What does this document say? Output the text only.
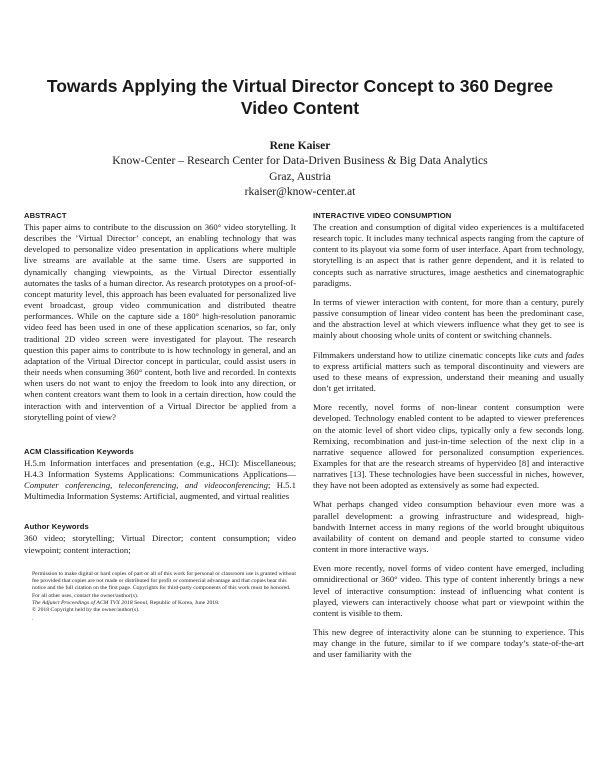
Towards Applying the Virtual Director Concept to 360 Degree Video Content
Rene Kaiser
Know-Center – Research Center for Data-Driven Business & Big Data Analytics
Graz, Austria
rkaiser@know-center.at
ABSTRACT

This paper aims to contribute to the discussion on 360° video storytelling. It describes the ’Virtual Director’ concept, an enabling technology that was developed to personalize video presentation in applications where multiple live streams are available at the same time. Users are supported in dynamically changing viewpoints, as the Virtual Director essentially automates the tasks of a human director. As research prototypes on a proof-of-concept maturity level, this approach has been evaluated for personalized live event broadcast, group video communication and distributed theatre performances. While on the capture side a 180° high-resolution panoramic video feed has been used in one of these application scenarios, so far, only traditional 2D video screen were investigated for playout. The research question this paper aims to contribute to is how technology in general, and an adaptation of the Virtual Director concept in particular, could assist users in their needs when consuming 360° content, both live and recorded. In contexts when users do not want to enjoy the freedom to look into any direction, or when content creators want them to look in a certain direction, how could the interaction with and intervention of a Virtual Director be applied from a storytelling point of view?

ACM Classification Keywords

H.5.m Information interfaces and presentation (e.g., HCI): Miscellaneous; H.4.3 Information Systems Applications: Communications Applications—Computer conferencing, teleconferencing, and videoconferencing; H.5.1 Multimedia Information Systems: Artificial, augmented, and virtual realities

Author Keywords

360 video; storytelling; Virtual Director; content consumption; video viewpoint; content interaction;

Permission to make digital or hard copies of part or all of this work for personal or classroom use is granted without fee provided that copies are not made or distributed for profit or commercial advantage and that copies bear this notice and the full citation on the first page. Copyrights for third-party components of this work must be honored. For all other uses, contact the owner/author(s).
The Adjunct Proceedings of ACM TVX 2018 Seoul, Republic of Korea, June 2018.
© 2018 Copyright held by the owner/author(s).
.
INTERACTIVE VIDEO CONSUMPTION

The creation and consumption of digital video experiences is a multifaceted research topic. It includes many technical aspects ranging from the capture of content to its playout via some form of user interface. Apart from technology, storytelling is an aspect that is rather genre dependent, and it is related to concepts such as narrative structures, image aesthetics and cinematographic paradigms.

In terms of viewer interaction with content, for more than a century, purely passive consumption of linear video content has been the predominant case, and the abstraction level at which viewers influence what they get to see is mainly about choosing whole units of content or switching channels.

Filmmakers understand how to utilize cinematic concepts like cuts and fades to express artificial matters such as temporal discontinuity and viewers are used to these means of expression, understand their meaning and usually don’t get irritated.

More recently, novel forms of non-linear content consumption were developed. Technology enabled content to be adapted to viewer preferences on the atomic level of short video clips, typically only a few seconds long. Remixing, recombination and just-in-time selection of the next clip in a narrative sequence allowed for personalized consumption experiences. Examples for that are the research streams of hypervideo [8] and interactive narratives [13]. These technologies have been successful in niches, however, they have not been adopted as extensively as some had expected.

What perhaps changed video consumption behaviour even more was a parallel development: a growing infrastructure and widespread, high-bandwith Internet access in many regions of the world brought ubiquitous availability of content on demand and people started to consume video content in more interactive ways.

Even more recently, novel forms of video content have emerged, including omnidirectional or 360° video. This type of content inherently brings a new level of interactive consumption: instead of influencing what content is played, viewers can interactively choose what part or viewpoint within the content is visible to them.

This new degree of interactivity alone can be stunning to experience. This may change in the future, similar to if we compare today’s state-of-the-art and user familiarity with the
